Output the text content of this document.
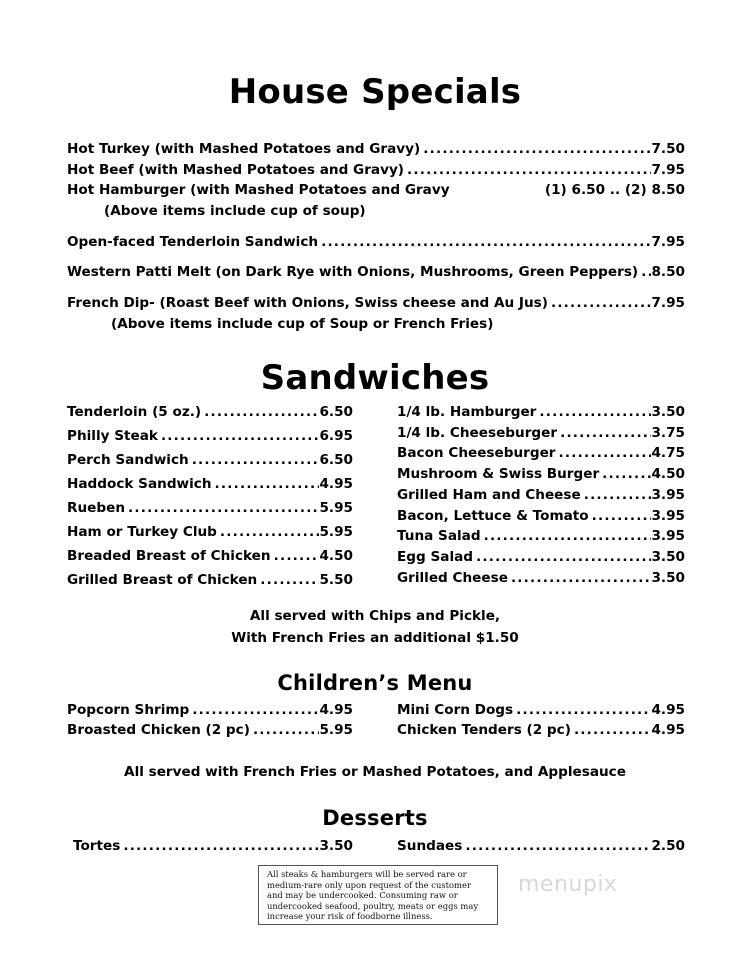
House Specials
Hot Turkey (with Mashed Potatoes and Gravy) .....	7.50
Hot Beef (with Mashed Potatoes and Gravy) .....	7.95
Hot Hamburger (with Mashed Potatoes and Gravy	(1) 6.50 .. (2) 8.50
(Above items include cup of soup)
Open-faced Tenderloin Sandwich .....	7.95
Western Patti Melt (on Dark Rye with Onions, Mushrooms, Green Peppers) ..... 8.50
French Dip- (Roast Beef with Onions, Swiss cheese and Au Jus) .....	7.95
(Above items include cup of Soup or French Fries)
Sandwiches
Tenderloin (5 oz.) .....	6.50
Philly Steak .....	6.95
Perch Sandwich .....	6.50
Haddock Sandwich .....	4.95
Rueben .....	5.95
Ham or Turkey Club .....	5.95
Breaded Breast of Chicken .....	4.50
Grilled Breast of Chicken .....	5.50
1/4 lb. Hamburger .....	3.50
1/4 lb. Cheeseburger .....	3.75
Bacon Cheeseburger .....	4.75
Mushroom & Swiss Burger .....	4.50
Grilled Ham and Cheese .....	3.95
Bacon, Lettuce & Tomato .....	3.95
Tuna Salad .....	3.95
Egg Salad .....	3.50
Grilled Cheese .....	3.50
All served with Chips and Pickle,
With French Fries an additional $1.50
Children’s Menu
Popcorn Shrimp .....	4.95
Broasted Chicken (2 pc) .....	5.95
Mini Corn Dogs .....	4.95
Chicken Tenders (2 pc) .....	4.95
All served with French Fries or Mashed Potatoes, and Applesauce
Desserts
Tortes .....	3.50	Sundaes .....	2.50
All steaks & hamburgers will be served rare or medium-rare only upon request of the customer and may be undercooked. Consuming raw or undercooked seafood, poultry, meats or eggs may increase your risk of foodborne illness.
menupix
